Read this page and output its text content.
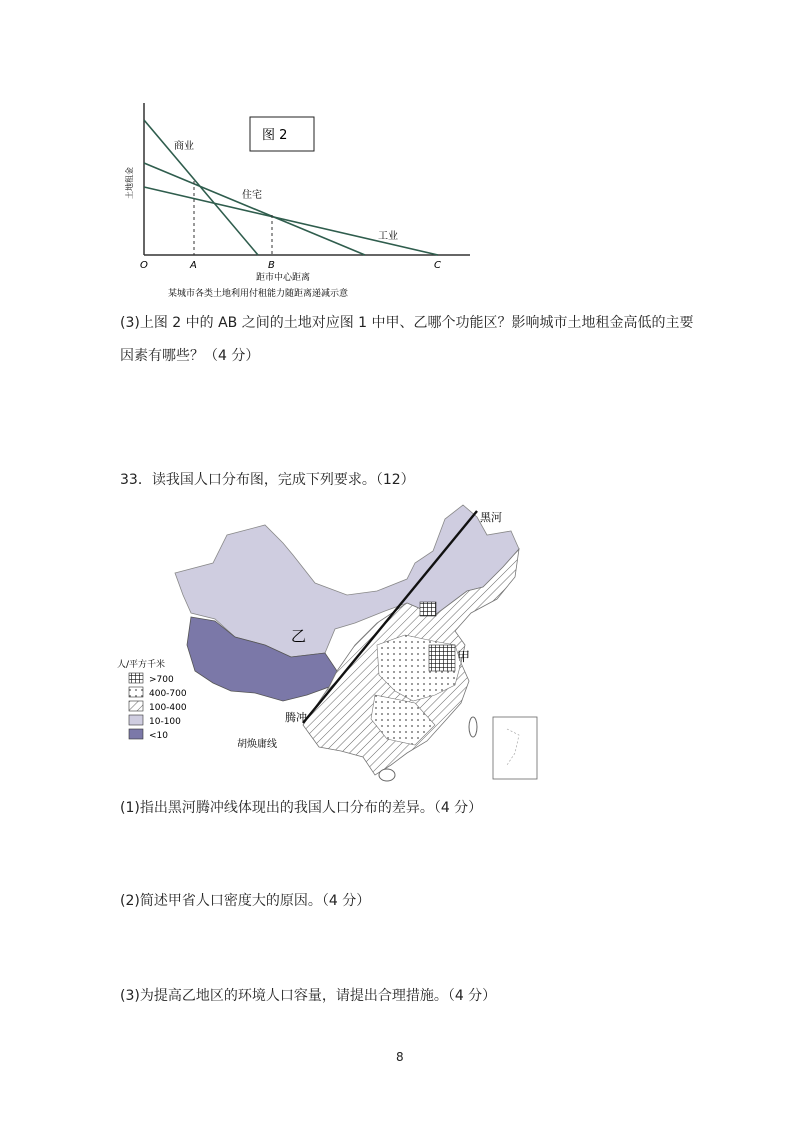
图 2
商业
住宅
工业
土地租金
O	A	B	C
距市中心距离
某城市各类土地利用付租能力随距离递减示意
(3)上图 2 中的 AB 之间的土地对应图 1 中甲、乙哪个功能区？影响城市土地租金高低的主要
因素有哪些？（4 分）
33．读我国人口分布图，完成下列要求。（12）
黑河
腾冲
乙
甲
胡焕庸线
人/平方千米
>700
400-700
100-400
10-100
<10
(1)指出黑河腾冲线体现出的我国人口分布的差异。（4 分）
(2)简述甲省人口密度大的原因。（4 分）
(3)为提高乙地区的环境人口容量，请提出合理措施。（4 分）
8
